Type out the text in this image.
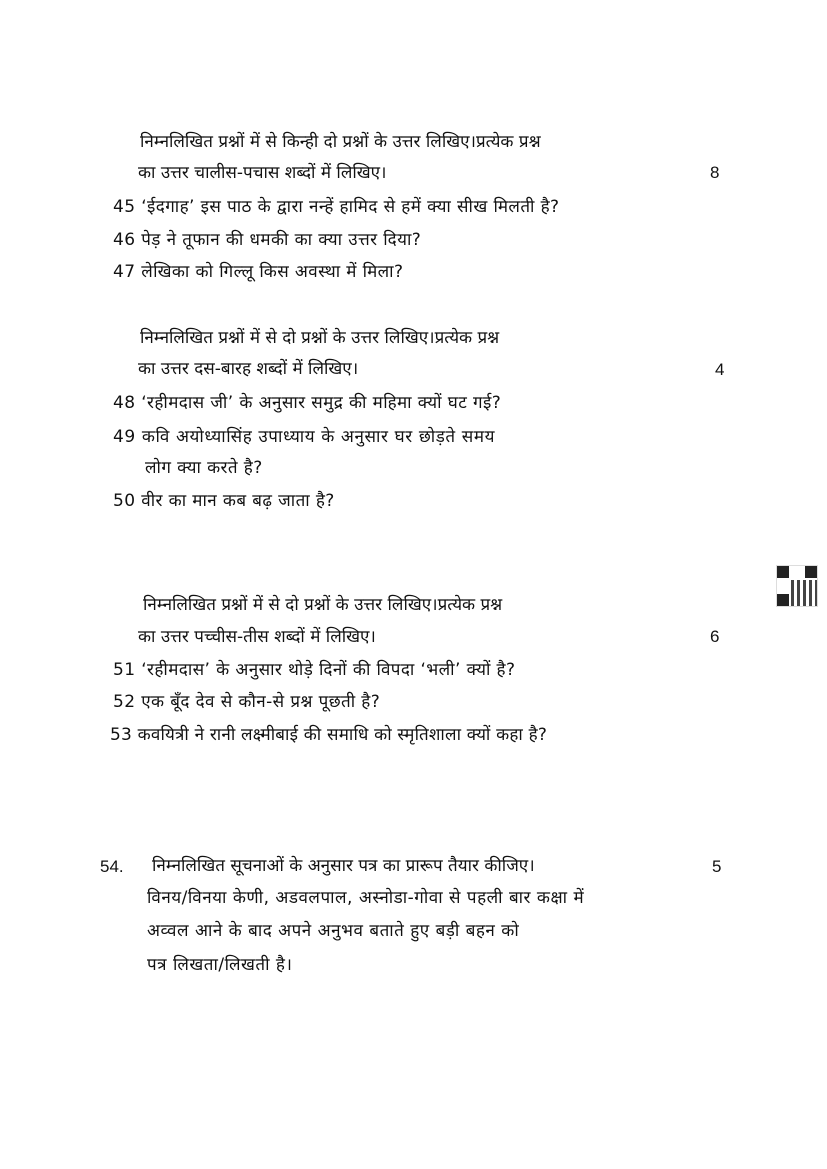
निम्नलिखित प्रश्नों में से किन्ही दो प्रश्नों के उत्तर लिखिए।प्रत्येक प्रश्न
का उत्तर चालीस-पचास शब्दों में लिखिए।	8
45 ‘ईदगाह’ इस पाठ के द्वारा नन्हें हामिद से हमें क्या सीख मिलती है?
46 पेड़ ने तूफान की धमकी का क्या उत्तर दिया?
47 लेखिका को गिल्लू किस अवस्था में मिला?
निम्नलिखित प्रश्नों में से दो प्रश्नों के उत्तर लिखिए।प्रत्येक प्रश्न
का उत्तर दस-बारह शब्दों में लिखिए।	4
48 ‘रहीमदास जी’ के अनुसार समुद्र की महिमा क्यों घट गई?
49 कवि अयोध्यासिंह उपाध्याय के अनुसार घर छोड़ते समय
लोग क्या करते है?
50 वीर का मान कब बढ़ जाता है?
निम्नलिखित प्रश्नों में से दो प्रश्नों के उत्तर लिखिए।प्रत्येक प्रश्न
का उत्तर पच्चीस-तीस शब्दों में लिखिए।	6
51 ‘रहीमदास’ के अनुसार थोड़े दिनों की विपदा ‘भली’ क्यों है?
52 एक बूँद देव से कौन-से प्रश्न पूछती है?
53 कवयित्री ने रानी लक्ष्मीबाई की समाधि को स्मृतिशाला क्यों कहा है?
54. निम्नलिखित सूचनाओं के अनुसार पत्र का प्रारूप तैयार कीजिए।	5
विनय/विनया केणी, अडवलपाल, अस्नोडा-गोवा से पहली बार कक्षा में
अव्वल आने के बाद अपने अनुभव बताते हुए बड़ी बहन को
पत्र लिखता/लिखती है।
